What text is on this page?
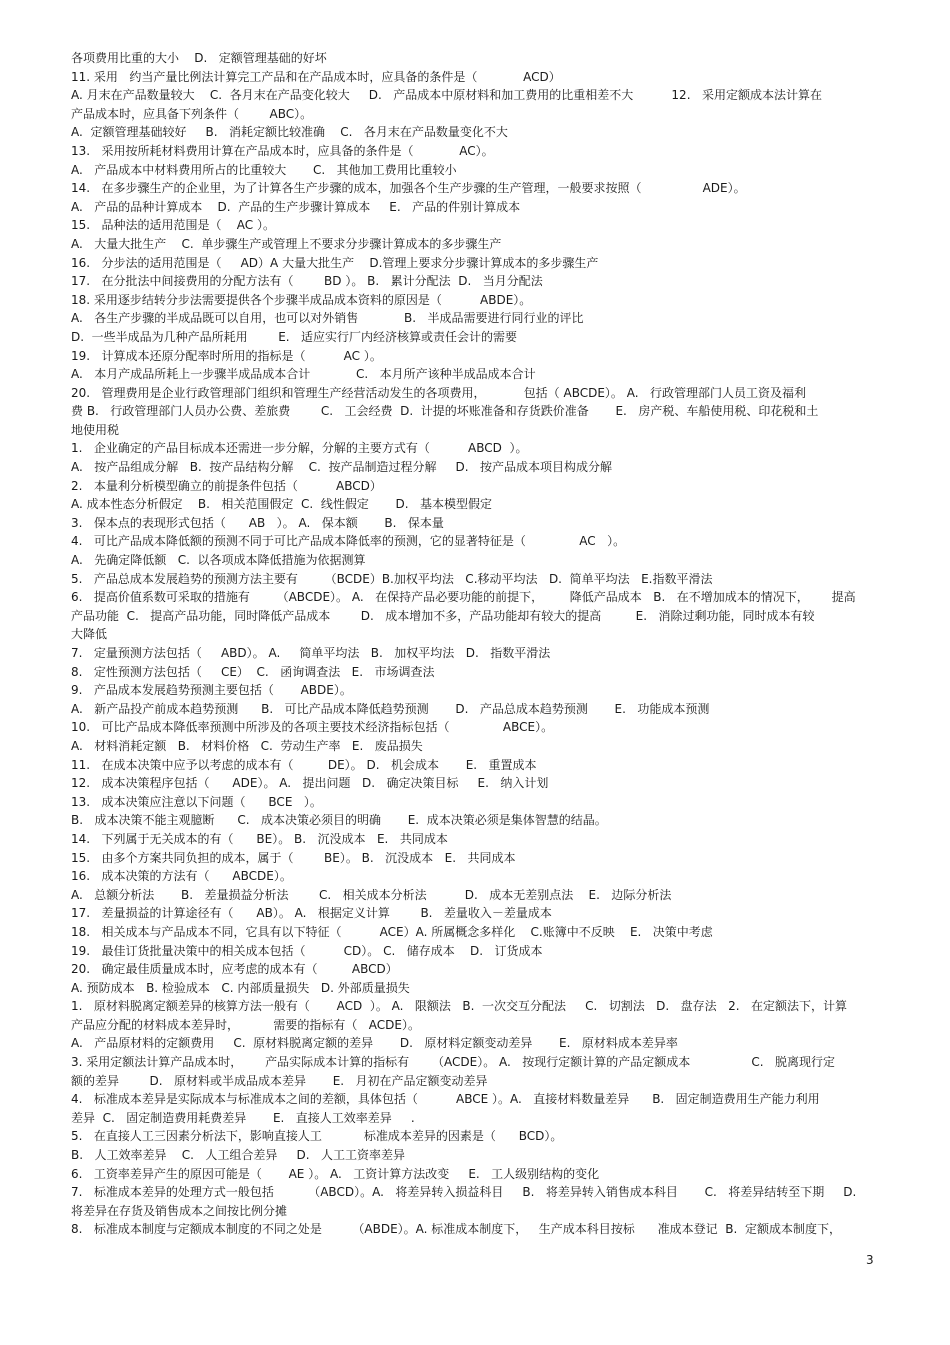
各项费用比重的大小    D.   定额管理基础的好坏
11. 采用   约当产量比例法计算完工产品和在产品成本时，应具备的条件是（            ACD）
A. 月末在产品数量较大    C.  各月末在产品变化较大     D.   产品成本中原材料和加工费用的比重相差不大          12.   采用定额成本法计算在
产品成本时，应具备下列条件（        ABC）。
A.  定额管理基础较好     B.   消耗定额比较准确    C.   各月末在产品数量变化不大
13.   采用按所耗材料费用计算在产品成本时，应具备的条件是（            AC）。
A.   产品成本中材料费用所占的比重较大       C.   其他加工费用比重较小
14.   在多步骤生产的企业里，为了计算各生产步骤的成本，加强各个生产步骤的生产管理，一般要求按照（                ADE）。
A.   产品的品种计算成本    D.  产品的生产步骤计算成本     E.   产品的件别计算成本
15.   品种法的适用范围是（    AC ）。
A.   大量大批生产    C.  单步骤生产或管理上不要求分步骤计算成本的多步骤生产
16.   分步法的适用范围是（     AD）A 大量大批生产    D.管理上要求分步骤计算成本的多步骤生产
17.   在分批法中间接费用的分配方法有（        BD ）。 B.   累计分配法  D.   当月分配法
18. 采用逐步结转分步法需要提供各个步骤半成品成本资料的原因是（          ABDE）。
A.   各生产步骤的半成品既可以自用，也可以对外销售            B.   半成品需要进行同行业的评比
D.  一些半成品为几种产品所耗用        E.   适应实行厂内经济核算或责任会计的需要
19.   计算成本还原分配率时所用的指标是（          AC ）。
A.   本月产成品所耗上一步骤半成品成本合计            C.   本月所产该种半成品成本合计
20.   管理费用是企业行政管理部门组织和管理生产经营活动发生的各项费用，          包括（ ABCDE）。 A.   行政管理部门人员工资及福利
费 B.   行政管理部门人员办公费、差旅费        C.   工会经费  D.  计提的坏账准备和存货跌价准备       E.   房产税、车船使用税、印花税和土
地使用税
1.   企业确定的产品目标成本还需进一步分解，分解的主要方式有（          ABCD  ）。
A.   按产品组成分解   B.  按产品结构分解    C.  按产品制造过程分解     D.   按产品成本项目构成分解
2.   本量利分析模型确立的前提条件包括（          ABCD）
A. 成本性态分析假定    B.   相关范围假定  C.  线性假定       D.   基本模型假定
3.   保本点的表现形式包括（      AB   ）。 A.   保本额       B.   保本量
4.   可比产品成本降低额的预测不同于可比产品成本降低率的预测，它的显著特征是（              AC   ）。
A.   先确定降低额   C.  以各项成本降低措施为依据测算
5.   产品总成本发展趋势的预测方法主要有       （BCDE）B.加权平均法   C.移动平均法   D.  简单平均法   E.指数平滑法
6.   提高价值系数可采取的措施有       （ABCDE）。 A.   在保持产品必要功能的前提下，       降低产品成本   B.   在不增加成本的情况下，      提高
产品功能  C.   提高产品功能，同时降低产品成本        D.   成本增加不多，产品功能却有较大的提高         E.   消除过剩功能，同时成本有较
大降低
7.   定量预测方法包括（     ABD）。 A.     简单平均法   B.   加权平均法   D.   指数平滑法
8.   定性预测方法包括（     CE）  C.   函询调查法   E.   市场调查法
9.   产品成本发展趋势预测主要包括（       ABDE）。
A.   新产品投产前成本趋势预测      B.   可比产品成本降低趋势预测       D.   产品总成本趋势预测       E.   功能成本预测
10.   可比产品成本降低率预测中所涉及的各项主要技术经济指标包括（              ABCE）。
A.   材料消耗定额   B.   材料价格   C.  劳动生产率   E.   废品损失
11.   在成本决策中应予以考虑的成本有（         DE）。 D.   机会成本       E.   重置成本
12.   成本决策程序包括（      ADE）。 A.   提出问题   D.   确定决策目标     E.   纳入计划
13.   成本决策应注意以下问题（      BCE   ）。
B.   成本决策不能主观臆断      C.   成本决策必须目的明确       E.  成本决策必须是集体智慧的结晶。
14.   下列属于无关成本的有（      BE）。 B.   沉没成本   E.   共同成本
15.   由多个方案共同负担的成本，属于（        BE）。 B.   沉没成本   E.   共同成本
16.   成本决策的方法有（      ABCDE）。
A.   总额分析法       B.   差量损益分析法        C.   相关成本分析法          D.   成本无差别点法    E.   边际分析法
17.   差量损益的计算途径有（      AB）。 A.   根据定义计算        B.   差量收入－差量成本
18.   相关成本与产品成本不同，它具有以下特征（          ACE）A. 所属概念多样化    C.账簿中不反映    E.   决策中考虑
19.   最佳订货批量决策中的相关成本包括（          CD）。 C.   储存成本    D.   订货成本
20.   确定最佳质量成本时，应考虑的成本有（         ABCD）
A. 预防成本   B. 检验成本   C. 内部质量损失   D. 外部质量损失
1.   原材料脱离定额差异的核算方法一般有（       ACD  ）。 A.   限额法   B.  一次交互分配法     C.   切割法   D.   盘存法   2.   在定额法下，计算
产品应分配的材料成本差异时，         需要的指标有（   ACDE）。
A.   产品原材料的定额费用     C.  原材料脱离定额的差异       D.   原材料定额变动差异       E.   原材料成本差异率
3. 采用定额法计算产品成本时，      产品实际成本计算的指标有      （ACDE）。 A.   按现行定额计算的产品定额成本                C.   脱离现行定
额的差异        D.   原材料或半成品成本差异       E.   月初在产品定额变动差异
4.   标准成本差异是实际成本与标准成本之间的差额，具体包括（          ABCE ）。A.   直接材料数量差异      B.   固定制造费用生产能力利用
差异  C.   固定制造费用耗费差异       E.   直接人工效率差异     .
5.   在直接人工三因素分析法下，影响直接人工           标准成本差异的因素是（      BCD）。
B.   人工效率差异    C.   人工组合差异     D.   人工工资率差异
6.   工资率差异产生的原因可能是（       AE ）。 A.   工资计算方法改变     E.   工人级别结构的变化
7.   标准成本差异的处理方式一般包括         （ABCD）。A.   将差异转入损益科目     B.   将差异转入销售成本科目       C.   将差异结转至下期     D.
将差异在存货及销售成本之间按比例分摊
8.   标准成本制度与定额成本制度的不同之处是        （ABDE）。A. 标准成本制度下，   生产成本科目按标      准成本登记  B.  定额成本制度下，
3
